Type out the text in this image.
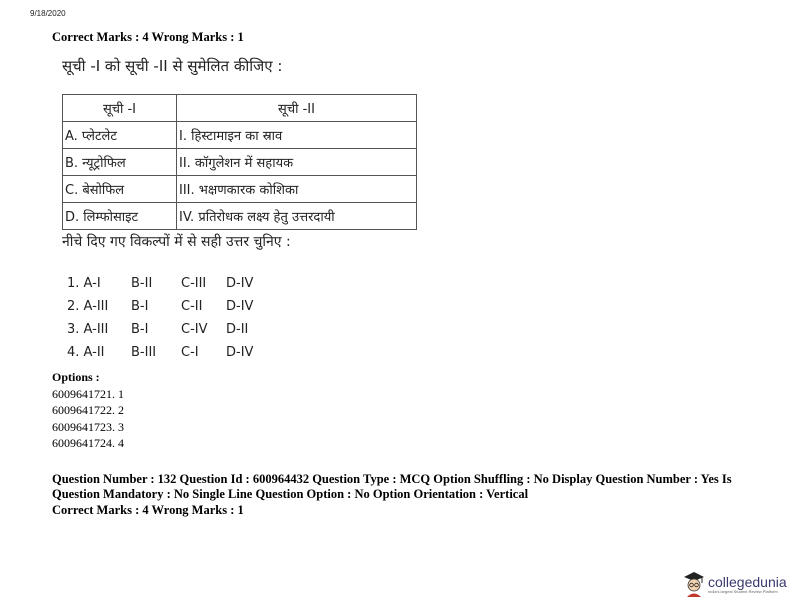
9/18/2020
Correct Marks : 4 Wrong Marks : 1
सूची -I को सूची -II से सुमेलित कीजिए :
सूची -I	सूची -II
A. प्लेटलेट	I. हिस्टामाइन का स्राव
B. न्यूट्रोफिल	II. कॉगुलेशन में सहायक
C. बेसोफिल	III. भक्षणकारक कोशिका
D. लिम्फोसाइट	IV. प्रतिरोधक लक्ष्य हेतु उत्तरदायी
नीचे दिए गए विकल्पों में से सही उत्तर चुनिए :
1. A-I	B-II	C-III	D-IV
2. A-III	B-I	C-II	D-IV
3. A-III	B-I	C-IV	D-II
4. A-II	B-III	C-I	D-IV
Options :
6009641721. 1
6009641722. 2
6009641723. 3
6009641724. 4
Question Number : 132 Question Id : 600964432 Question Type : MCQ Option Shuffling : No Display Question Number : Yes Is Question Mandatory : No Single Line Question Option : No Option Orientation : Vertical
Correct Marks : 4 Wrong Marks : 1
collegedunia
India's largest Student Review Platform
